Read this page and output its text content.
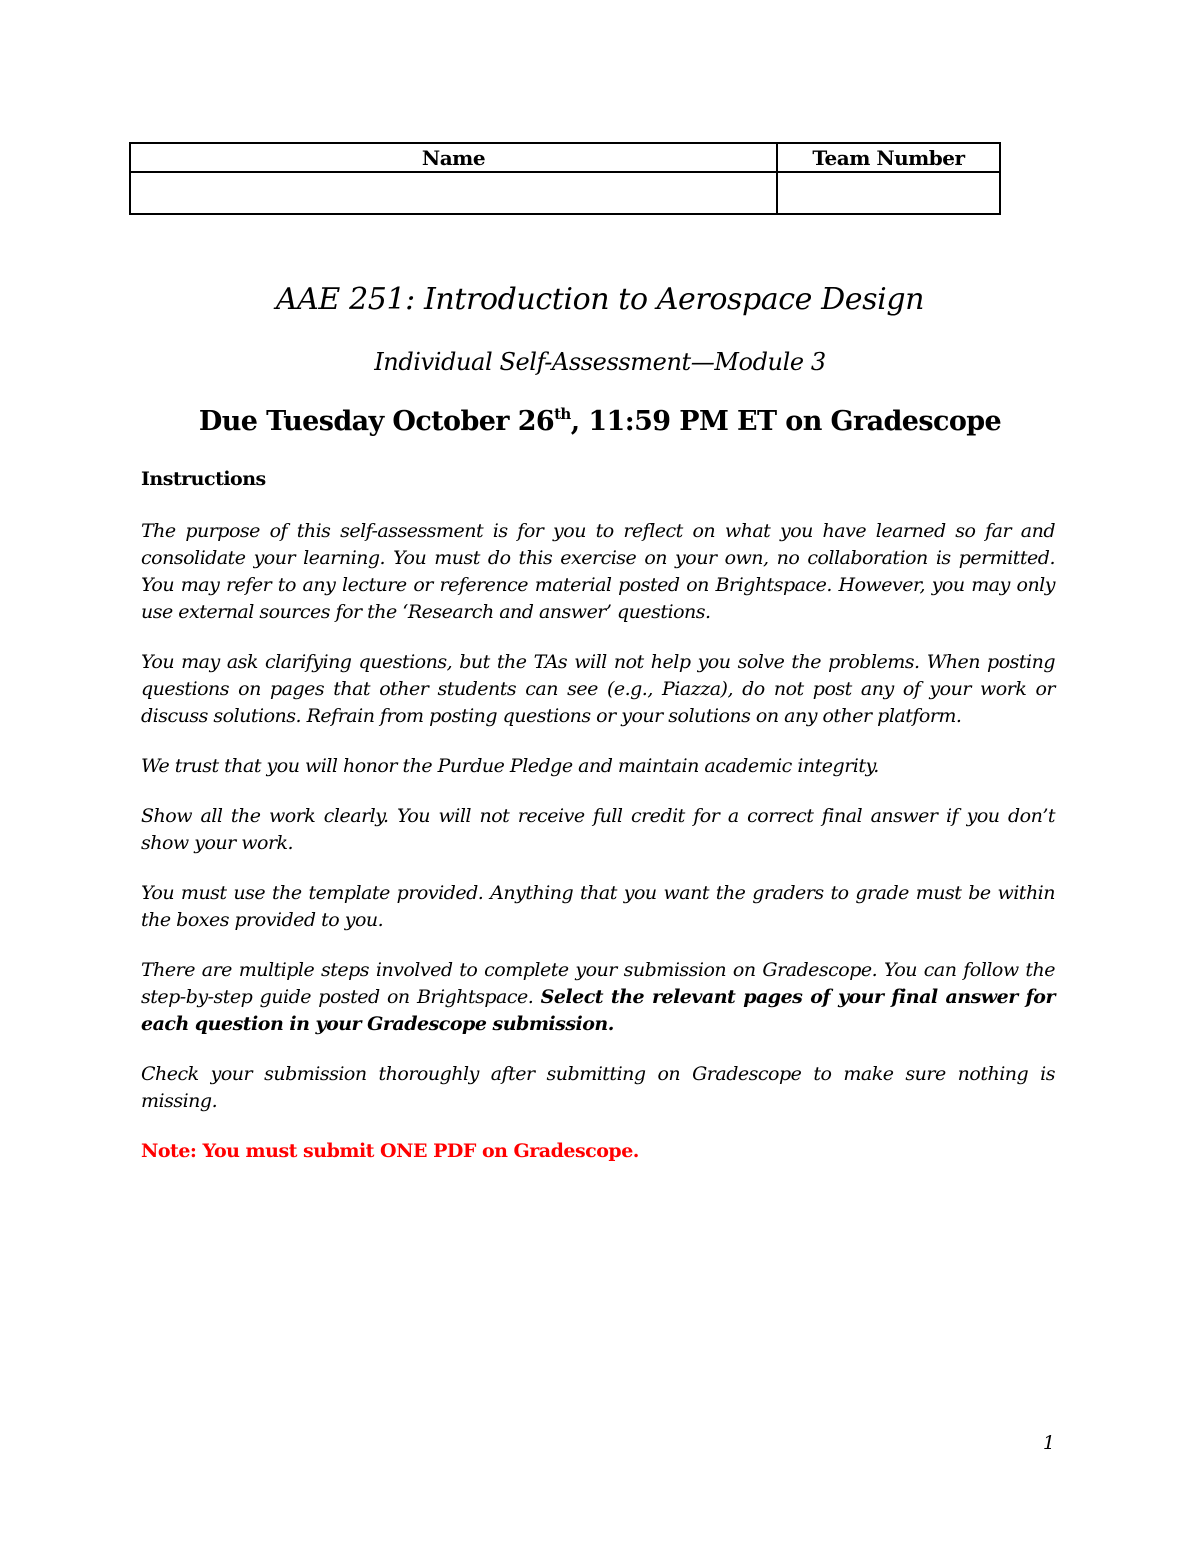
Name	Team Number

AAE 251: Introduction to Aerospace Design
Individual Self-Assessment—Module 3
Due Tuesday October 26th, 11:59 PM ET on Gradescope

Instructions

The purpose of this self-assessment is for you to reflect on what you have learned so far and consolidate your learning. You must do this exercise on your own, no collaboration is permitted. You may refer to any lecture or reference material posted on Brightspace. However, you may only use external sources for the ‘Research and answer’ questions.

You may ask clarifying questions, but the TAs will not help you solve the problems. When posting questions on pages that other students can see (e.g., Piazza), do not post any of your work or discuss solutions. Refrain from posting questions or your solutions on any other platform.

We trust that you will honor the Purdue Pledge and maintain academic integrity.

Show all the work clearly. You will not receive full credit for a correct final answer if you don’t show your work.

You must use the template provided. Anything that you want the graders to grade must be within the boxes provided to you.

There are multiple steps involved to complete your submission on Gradescope. You can follow the step-by-step guide posted on Brightspace. Select the relevant pages of your final answer for each question in your Gradescope submission.

Check your submission thoroughly after submitting on Gradescope to make sure nothing is missing.

Note: You must submit ONE PDF on Gradescope.

1
